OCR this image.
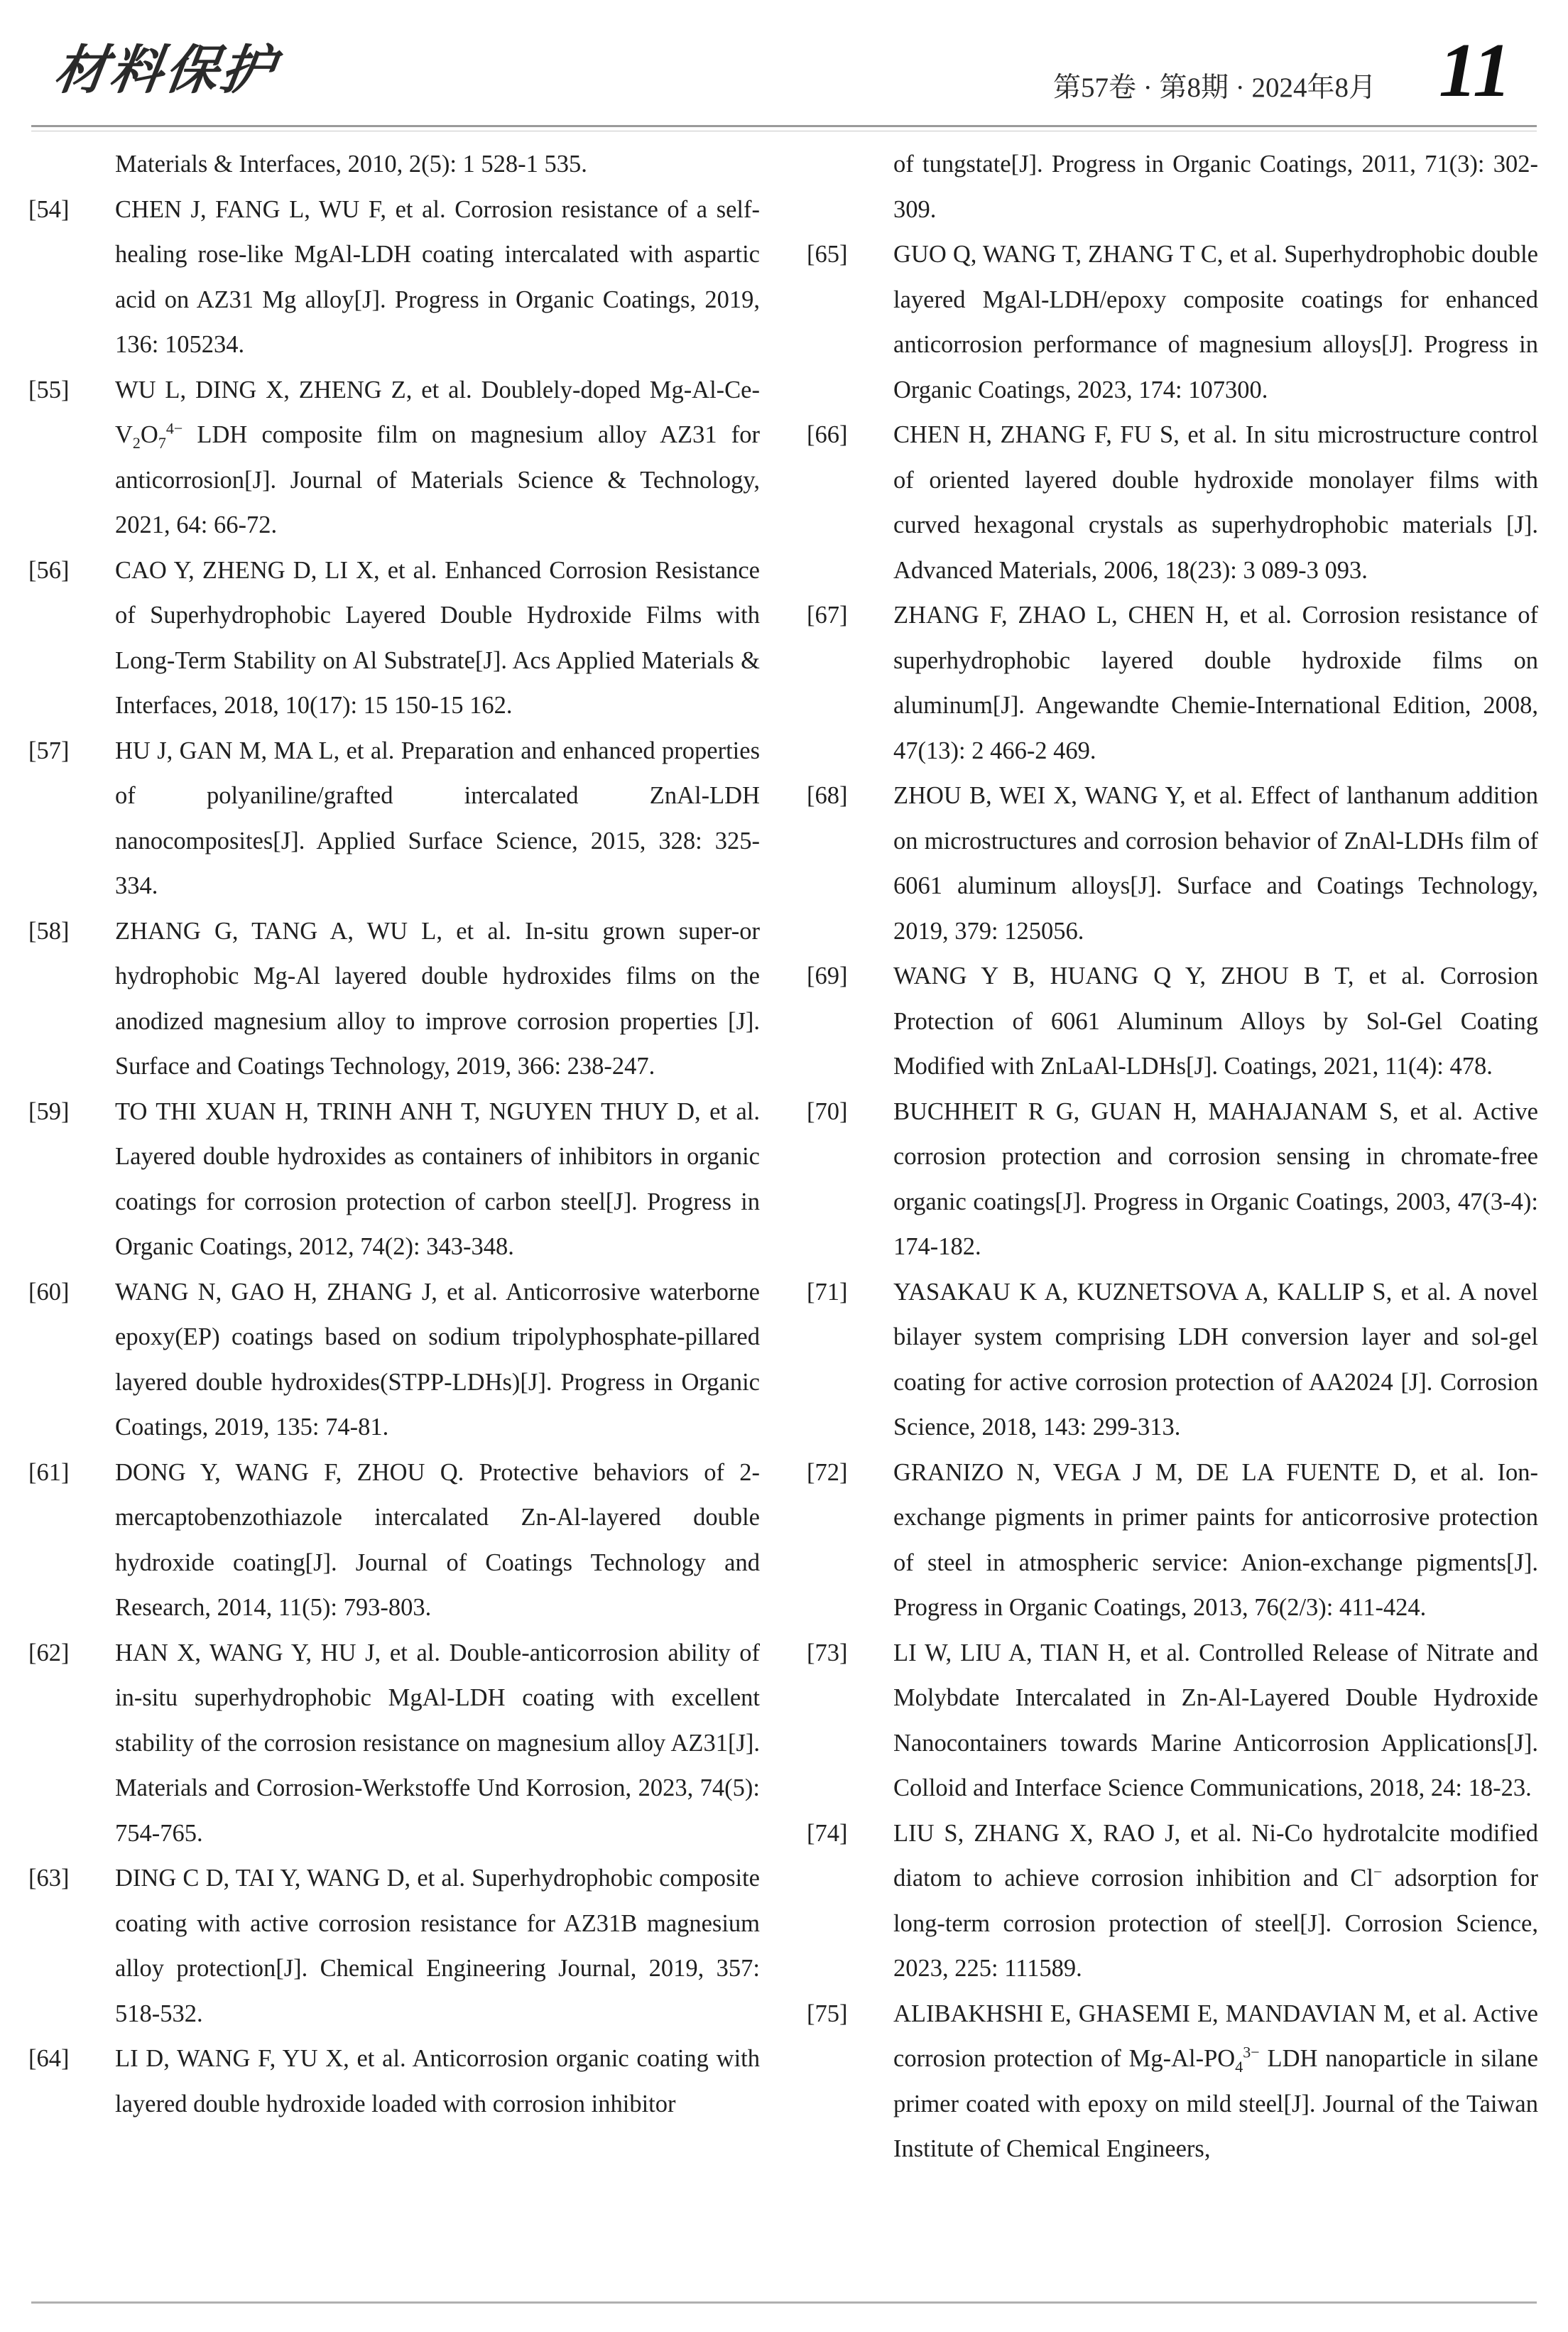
材料保护	第57卷 · 第8期 · 2024年8月 11
Materials & Interfaces, 2010, 2(5): 1 528-1 535.
[54]	CHEN J, FANG L, WU F, et al. Corrosion resistance of a self-healing rose-like MgAl-LDH coating intercalated with aspartic acid on AZ31 Mg alloy[J]. Progress in Organic Coatings, 2019, 136: 105234.
[55]	WU L, DING X, ZHENG Z, et al. Doublely-doped $Mg-Al-Ce-V_2O_7^{4-}$ LDH composite film on magnesium alloy AZ31 for anticorrosion[J]. Journal of Materials Science & Technology, 2021, 64: 66-72.
[56]	CAO Y, ZHENG D, LI X, et al. Enhanced Corrosion Resistance of Superhydrophobic Layered Double Hydroxide Films with Long-Term Stability on Al Substrate[J]. Acs Applied Materials & Interfaces, 2018, 10(17): 15 150-15 162.
[57]	HU J, GAN M, MA L, et al. Preparation and enhanced properties of polyaniline/grafted intercalated ZnAl-LDH nanocomposites[J]. Applied Surface Science, 2015, 328: 325-334.
[58]	ZHANG G, TANG A, WU L, et al. In-situ grown super-or hydrophobic Mg-Al layered double hydroxides films on the anodized magnesium alloy to improve corrosion properties [J]. Surface and Coatings Technology, 2019, 366: 238-247.
[59]	TO THI XUAN H, TRINH ANH T, NGUYEN THUY D, et al. Layered double hydroxides as containers of inhibitors in organic coatings for corrosion protection of carbon steel[J]. Progress in Organic Coatings, 2012, 74(2): 343-348.
[60]	WANG N, GAO H, ZHANG J, et al. Anticorrosive waterborne epoxy(EP) coatings based on sodium tripolyphosphate-pillared layered double hydroxides(STPP-LDHs)[J]. Progress in Organic Coatings, 2019, 135: 74-81.
[61]	DONG Y, WANG F, ZHOU Q. Protective behaviors of 2-mercaptobenzothiazole intercalated Zn-Al-layered double hydroxide coating[J]. Journal of Coatings Technology and Research, 2014, 11(5): 793-803.
[62]	HAN X, WANG Y, HU J, et al. Double-anticorrosion ability of in-situ superhydrophobic MgAl-LDH coating with excellent stability of the corrosion resistance on magnesium alloy AZ31[J]. Materials and Corrosion-Werkstoffe Und Korrosion, 2023, 74(5): 754-765.
[63]	DING C D, TAI Y, WANG D, et al. Superhydrophobic composite coating with active corrosion resistance for AZ31B magnesium alloy protection[J]. Chemical Engineering Journal, 2019, 357: 518-532.
[64]	LI D, WANG F, YU X, et al. Anticorrosion organic coating with layered double hydroxide loaded with corrosion inhibitor
of tungstate[J]. Progress in Organic Coatings, 2011, 71(3): 302-309.
[65]	GUO Q, WANG T, ZHANG T C, et al. Superhydrophobic double layered MgAl-LDH/epoxy composite coatings for enhanced anticorrosion performance of magnesium alloys[J]. Progress in Organic Coatings, 2023, 174: 107300.
[66]	CHEN H, ZHANG F, FU S, et al. In situ microstructure control of oriented layered double hydroxide monolayer films with curved hexagonal crystals as superhydrophobic materials [J]. Advanced Materials, 2006, 18(23): 3 089-3 093.
[67]	ZHANG F, ZHAO L, CHEN H, et al. Corrosion resistance of superhydrophobic layered double hydroxide films on aluminum[J]. Angewandte Chemie-International Edition, 2008, 47(13): 2 466-2 469.
[68]	ZHOU B, WEI X, WANG Y, et al. Effect of lanthanum addition on microstructures and corrosion behavior of ZnAl-LDHs film of 6061 aluminum alloys[J]. Surface and Coatings Technology, 2019, 379: 125056.
[69]	WANG Y B, HUANG Q Y, ZHOU B T, et al. Corrosion Protection of 6061 Aluminum Alloys by Sol-Gel Coating Modified with ZnLaAl-LDHs[J]. Coatings, 2021, 11(4): 478.
[70]	BUCHHEIT R G, GUAN H, MAHAJANAM S, et al. Active corrosion protection and corrosion sensing in chromate-free organic coatings[J]. Progress in Organic Coatings, 2003, 47(3-4): 174-182.
[71]	YASAKAU K A, KUZNETSOVA A, KALLIP S, et al. A novel bilayer system comprising LDH conversion layer and sol-gel coating for active corrosion protection of AA2024 [J]. Corrosion Science, 2018, 143: 299-313.
[72]	GRANIZO N, VEGA J M, DE LA FUENTE D, et al. Ion-exchange pigments in primer paints for anticorrosive protection of steel in atmospheric service: Anion-exchange pigments[J]. Progress in Organic Coatings, 2013, 76(2/3): 411-424.
[73]	LI W, LIU A, TIAN H, et al. Controlled Release of Nitrate and Molybdate Intercalated in Zn-Al-Layered Double Hydroxide Nanocontainers towards Marine Anticorrosion Applications[J]. Colloid and Interface Science Communications, 2018, 24: 18-23.
[74]	LIU S, ZHANG X, RAO J, et al. Ni-Co hydrotalcite modified diatom to achieve corrosion inhibition and Cl− adsorption for long-term corrosion protection of steel[J]. Corrosion Science, 2023, 225: 111589.
[75]	ALIBAKHSHI E, GHASEMI E, MANDAVIAN M, et al. Active corrosion protection of $Mg-Al-PO_4^{3-}$ LDH nanoparticle in silane primer coated with epoxy on mild steel[J]. Journal of the Taiwan Institute of Chemical Engineers,
